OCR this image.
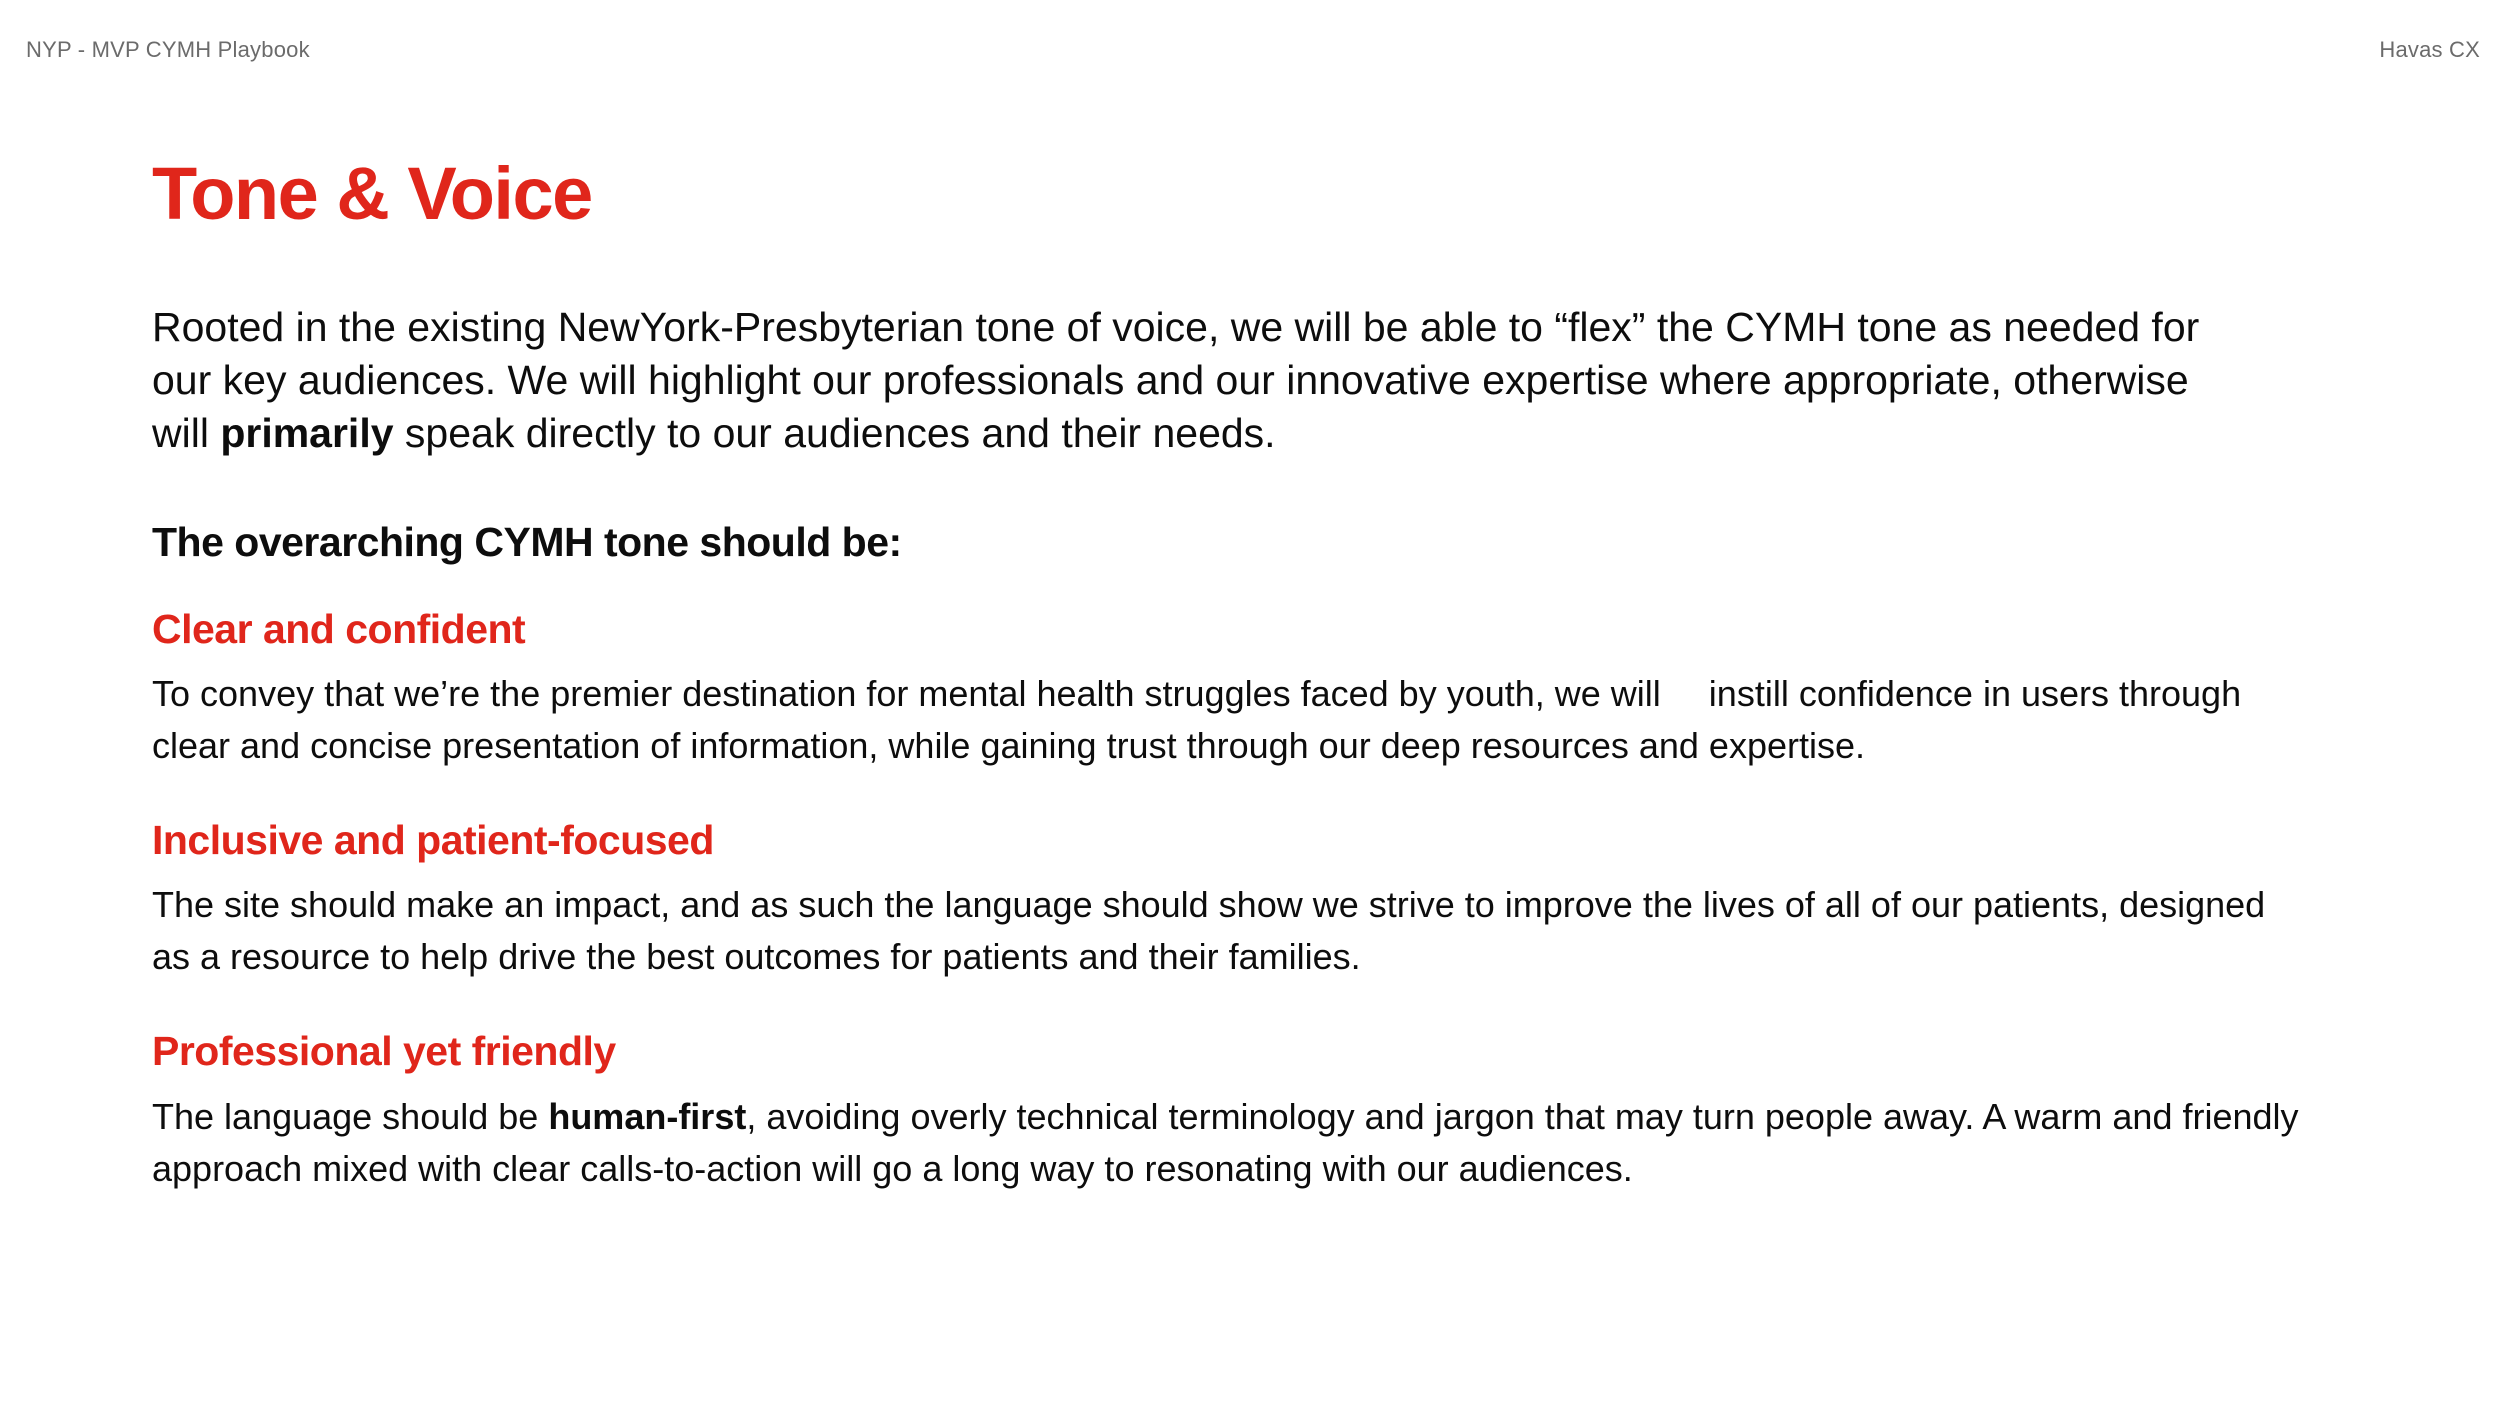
NYP - MVP CYMH Playbook	Havas CX
Tone & Voice

Rooted in the existing NewYork-Presbyterian tone of voice, we will be able to “flex” the CYMH tone as needed for our key audiences. We will highlight our professionals and our innovative expertise where appropriate, otherwise will primarily speak directly to our audiences and their needs.

The overarching CYMH tone should be:

Clear and confident

To convey that we’re the premier destination for mental health struggles faced by youth, we will instill confidence in users through clear and concise presentation of information, while gaining trust through our deep resources and expertise.

Inclusive and patient-focused

The site should make an impact, and as such the language should show we strive to improve the lives of all of our patients, designed as a resource to help drive the best outcomes for patients and their families.

Professional yet friendly

The language should be human-first, avoiding overly technical terminology and jargon that may turn people away. A warm and friendly approach mixed with clear calls-to-action will go a long way to resonating with our audiences.
